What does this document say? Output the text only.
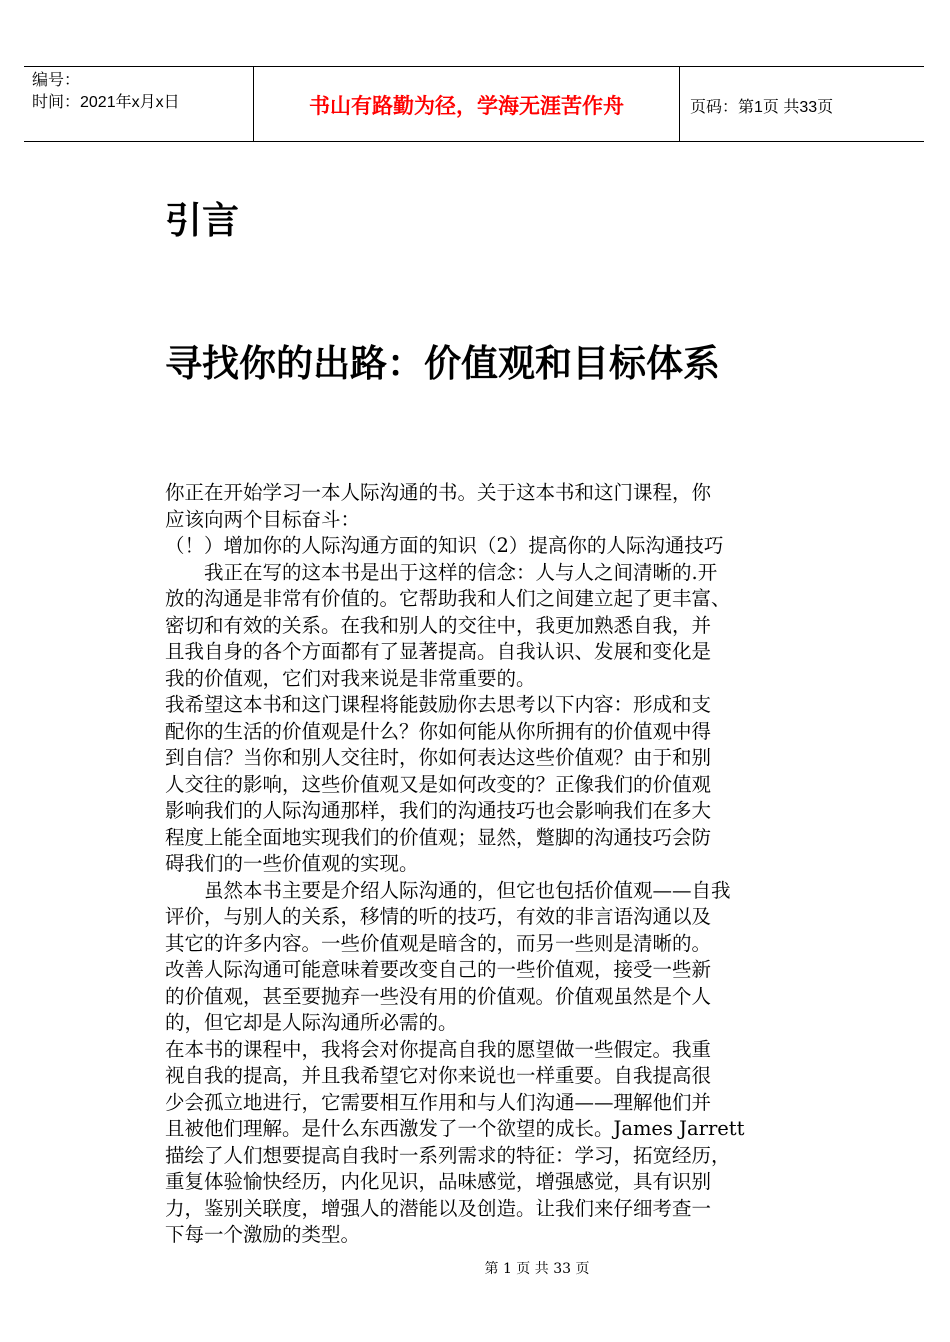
编号：
时间：2021年x月x日	书山有路勤为径，学海无涯苦作舟	页码：第1页 共33页
引言
寻找你的出路：价值观和目标体系
你正在开始学习一本人际沟通的书。关于这本书和这门课程，你
应该向两个目标奋斗：
（！）增加你的人际沟通方面的知识（2）提高你的人际沟通技巧
　　我正在写的这本书是出于这样的信念：人与人之间清晰的.开
放的沟通是非常有价值的。它帮助我和人们之间建立起了更丰富、
密切和有效的关系。在我和别人的交往中，我更加熟悉自我，并
且我自身的各个方面都有了显著提高。自我认识、发展和变化是
我的价值观，它们对我来说是非常重要的。
我希望这本书和这门课程将能鼓励你去思考以下内容：形成和支
配你的生活的价值观是什么？你如何能从你所拥有的价值观中得
到自信？当你和别人交往时，你如何表达这些价值观？由于和别
人交往的影响，这些价值观又是如何改变的？正像我们的价值观
影响我们的人际沟通那样，我们的沟通技巧也会影响我们在多大
程度上能全面地实现我们的价值观；显然，蹩脚的沟通技巧会防
碍我们的一些价值观的实现。
　　虽然本书主要是介绍人际沟通的，但它也包括价值观——自我
评价，与别人的关系，移情的听的技巧，有效的非言语沟通以及
其它的许多内容。一些价值观是暗含的，而另一些则是清晰的。
改善人际沟通可能意味着要改变自己的一些价值观，接受一些新
的价值观，甚至要抛弃一些没有用的价值观。价值观虽然是个人
的，但它却是人际沟通所必需的。
在本书的课程中，我将会对你提高自我的愿望做一些假定。我重
视自我的提高，并且我希望它对你来说也一样重要。自我提高很
少会孤立地进行，它需要相互作用和与人们沟通——理解他们并
且被他们理解。是什么东西激发了一个欲望的成长。James Jarrett
描绘了人们想要提高自我时一系列需求的特征：学习，拓宽经历，
重复体验愉快经历，内化见识，品味感觉，增强感觉，具有识别
力，鉴别关联度，增强人的潜能以及创造。让我们来仔细考查一
下每一个激励的类型。
第 1 页 共 33 页
